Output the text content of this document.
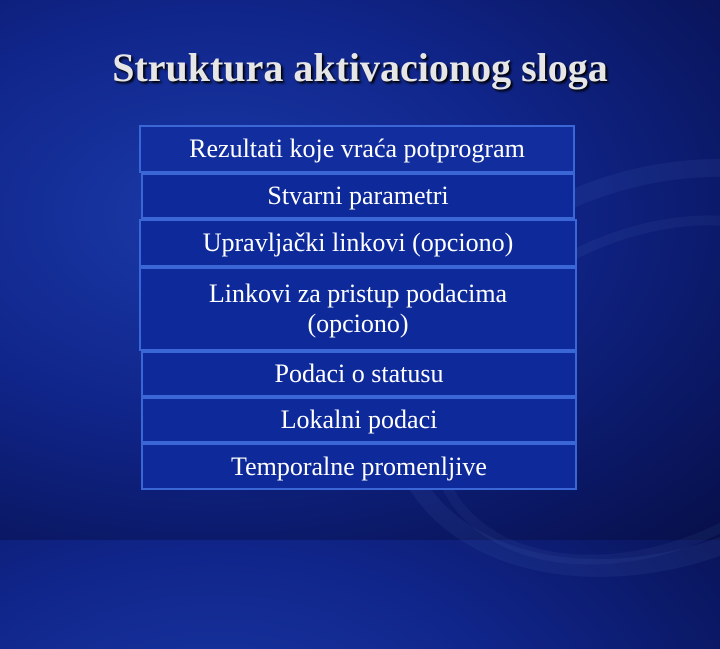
Struktura aktivacionog sloga
Rezultati koje vraća potprogram
Stvarni parametri
Upravljački linkovi (opciono)
Linkovi za pristup podacima
(opciono)
Podaci o statusu
Lokalni podaci
Temporalne promenljive
